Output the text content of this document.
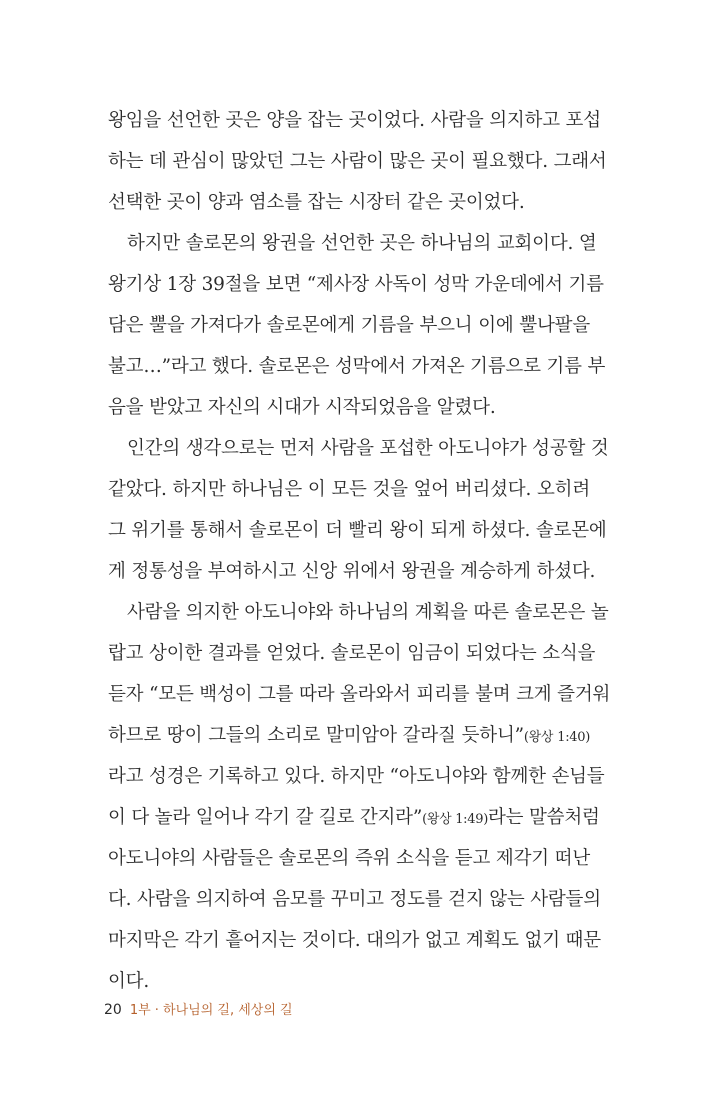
왕임을 선언한 곳은 양을 잡는 곳이었다. 사람을 의지하고 포섭
하는 데 관심이 많았던 그는 사람이 많은 곳이 필요했다. 그래서
선택한 곳이 양과 염소를 잡는 시장터 같은 곳이었다.

하지만 솔로몬의 왕권을 선언한 곳은 하나님의 교회이다. 열
왕기상 1장 39절을 보면 “제사장 사독이 성막 가운데에서 기름
담은 뿔을 가져다가 솔로몬에게 기름을 부으니 이에 뿔나팔을
불고…”라고 했다. 솔로몬은 성막에서 가져온 기름으로 기름 부
음을 받았고 자신의 시대가 시작되었음을 알렸다.

인간의 생각으로는 먼저 사람을 포섭한 아도니야가 성공할 것
같았다. 하지만 하나님은 이 모든 것을 엎어 버리셨다. 오히려
그 위기를 통해서 솔로몬이 더 빨리 왕이 되게 하셨다. 솔로몬에
게 정통성을 부여하시고 신앙 위에서 왕권을 계승하게 하셨다.

사람을 의지한 아도니야와 하나님의 계획을 따른 솔로몬은 놀
랍고 상이한 결과를 얻었다. 솔로몬이 임금이 되었다는 소식을
듣자 “모든 백성이 그를 따라 올라와서 피리를 불며 크게 즐거워
하므로 땅이 그들의 소리로 말미암아 갈라질 듯하니”(왕상 1:40)
라고 성경은 기록하고 있다. 하지만 “아도니야와 함께한 손님들
이 다 놀라 일어나 각기 갈 길로 간지라”(왕상 1:49)라는 말씀처럼
아도니야의 사람들은 솔로몬의 즉위 소식을 듣고 제각기 떠난
다. 사람을 의지하여 음모를 꾸미고 정도를 걷지 않는 사람들의
마지막은 각기 흩어지는 것이다. 대의가 없고 계획도 없기 때문
이다.

20 1부 · 하나님의 길, 세상의 길
